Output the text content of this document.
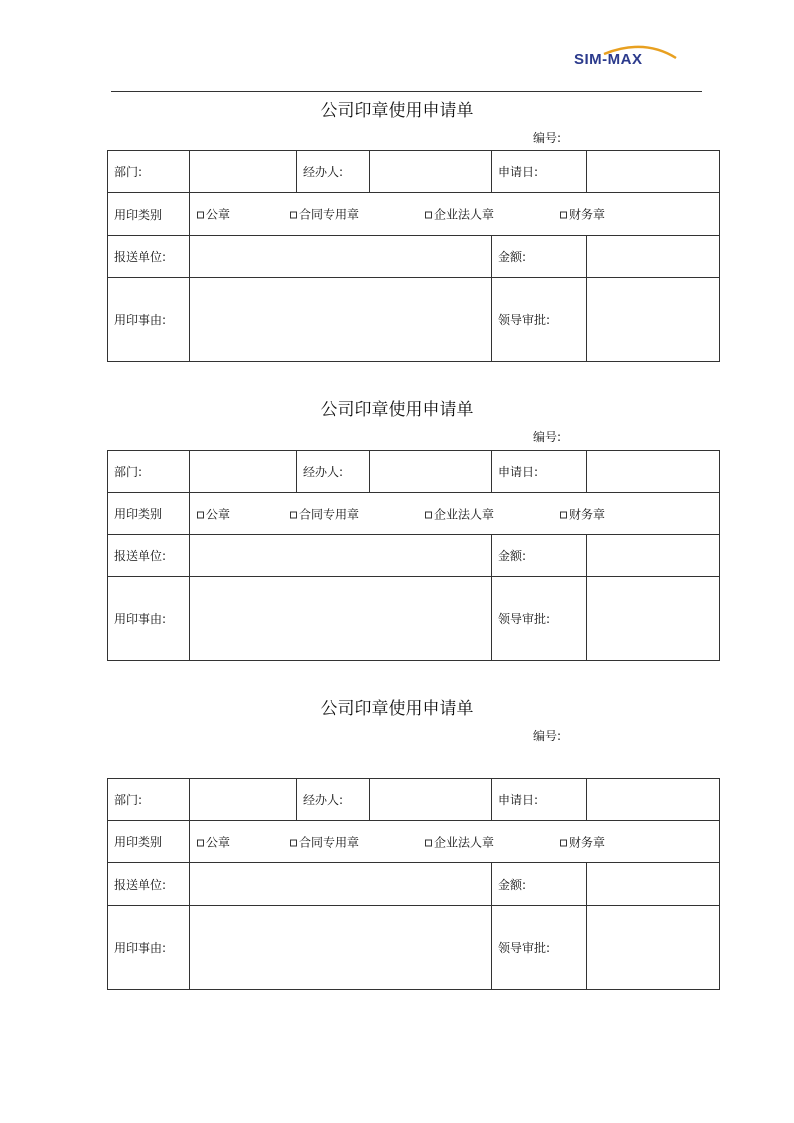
SIM-MAX
公司印章使用申请单
编号:
部门:		经办人:		申请日:	
用印类别	公章 合同专用章 企业法人章 财务章				

报送单位:				金额:	
用印事由:				领导审批:	
公司印章使用申请单
编号:
部门:		经办人:		申请日:	
用印类别	公章 合同专用章 企业法人章 财务章				

报送单位:				金额:	
用印事由:				领导审批:	
公司印章使用申请单
编号:
部门:		经办人:		申请日:	
用印类别	公章 合同专用章 企业法人章 财务章				

报送单位:				金额:	
用印事由:				领导审批:	
